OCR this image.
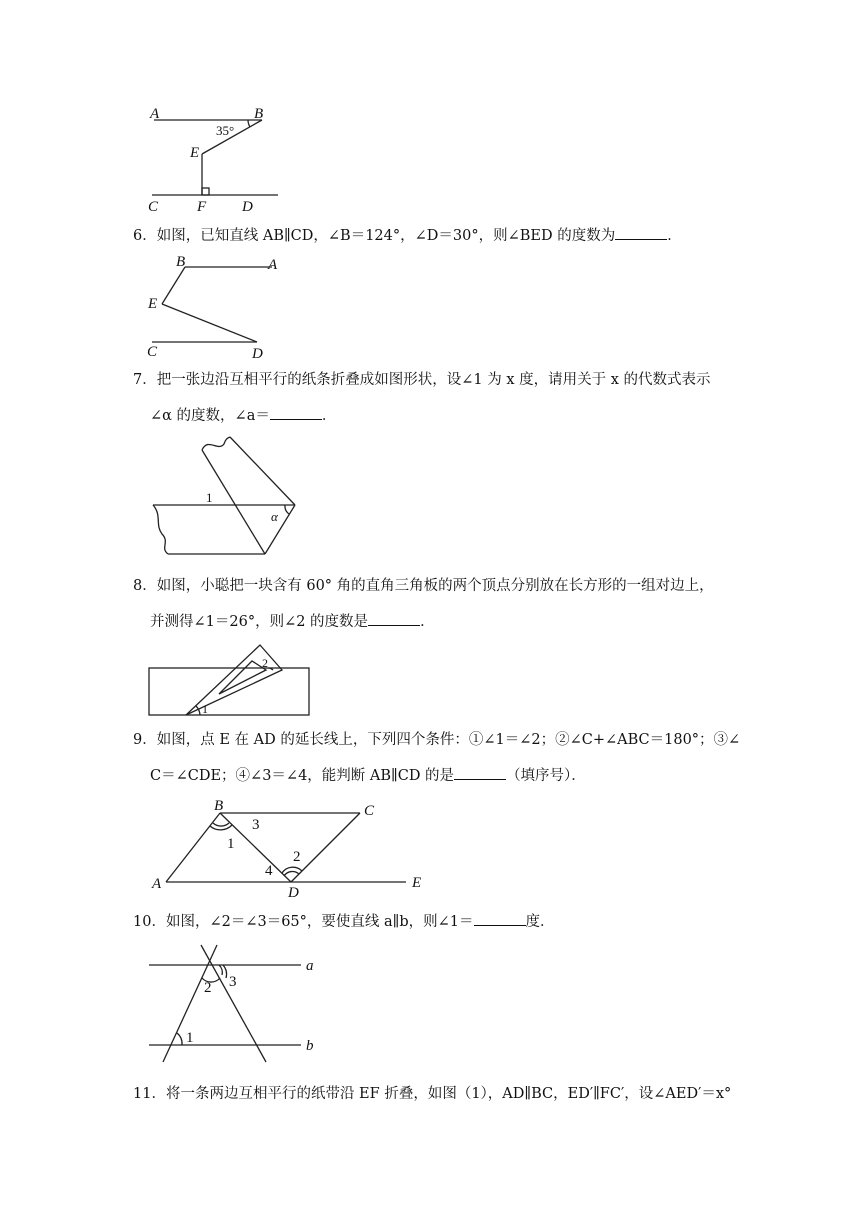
A	B
35°
E
C	F D
6．如图，已知直线 AB∥CD，∠B＝124°，∠D＝30°，则∠BED 的度数为	．
B	A
E
C	D
7．把一张边沿互相平行的纸条折叠成如图形状，设∠1 为 x 度，请用关于 x 的代数式表示
∠α 的度数，∠a＝	．
1
α
8．如图，小聪把一块含有 60° 角的直角三角板的两个顶点分别放在长方形的一组对边上，
并测得∠1＝26°，则∠2 的度数是	．
1
2
9．如图，点 E 在 AD 的延长线上，下列四个条件：①∠1＝∠2；②∠C+∠ABC＝180°；③∠
C＝∠CDE；④∠3＝∠4，能判断 AB∥CD 的是	（填序号）．
B	C
A
D
E
3
1
4
2
10．如图，∠2＝∠3＝65°，要使直线 a∥b，则∠1＝	度．
a
b
2 3
1
11．将一条两边互相平行的纸带沿 EF 折叠，如图（1），AD∥BC，ED′∥FC′，设∠AED′＝x°
